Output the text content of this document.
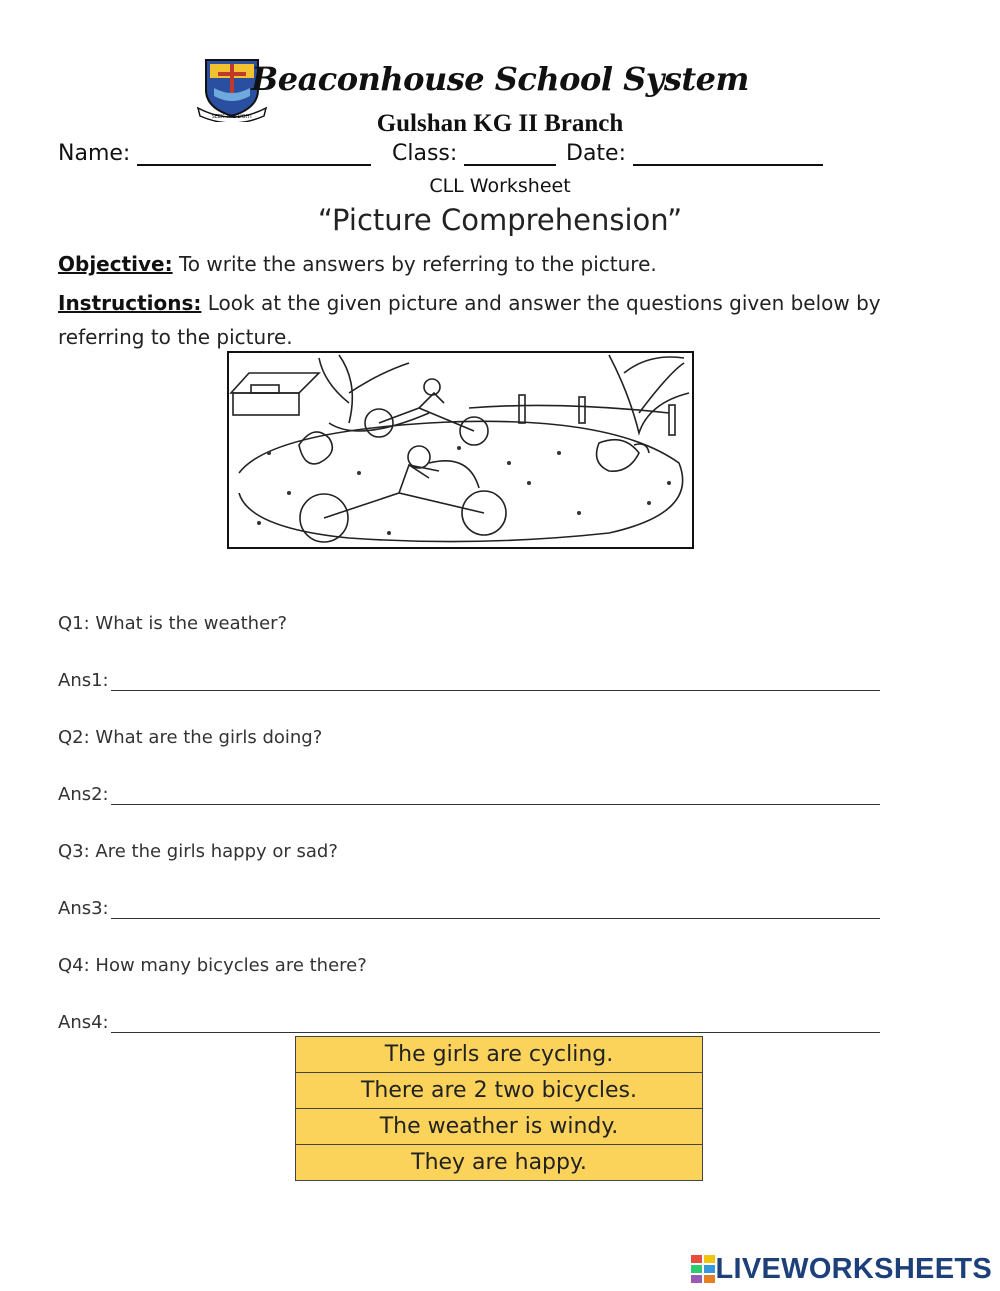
SEEK THE LIGHT
Beaconhouse School System
Gulshan KG II Branch
Name:	Class:	Date:
CLL Worksheet
“Picture Comprehension”
Objective: To write the answers by referring to the picture.
Instructions: Look at the given picture and answer the questions given below by referring to the picture.
Q1: What is the weather?
Ans1:
Q2: What are the girls doing?
Ans2:
Q3: Are the girls happy or sad?
Ans3:
Q4: How many bicycles are there?
Ans4:
The girls are cycling.
There are 2 two bicycles.
The weather is windy.
They are happy.
LIVEWORKSHEETS
